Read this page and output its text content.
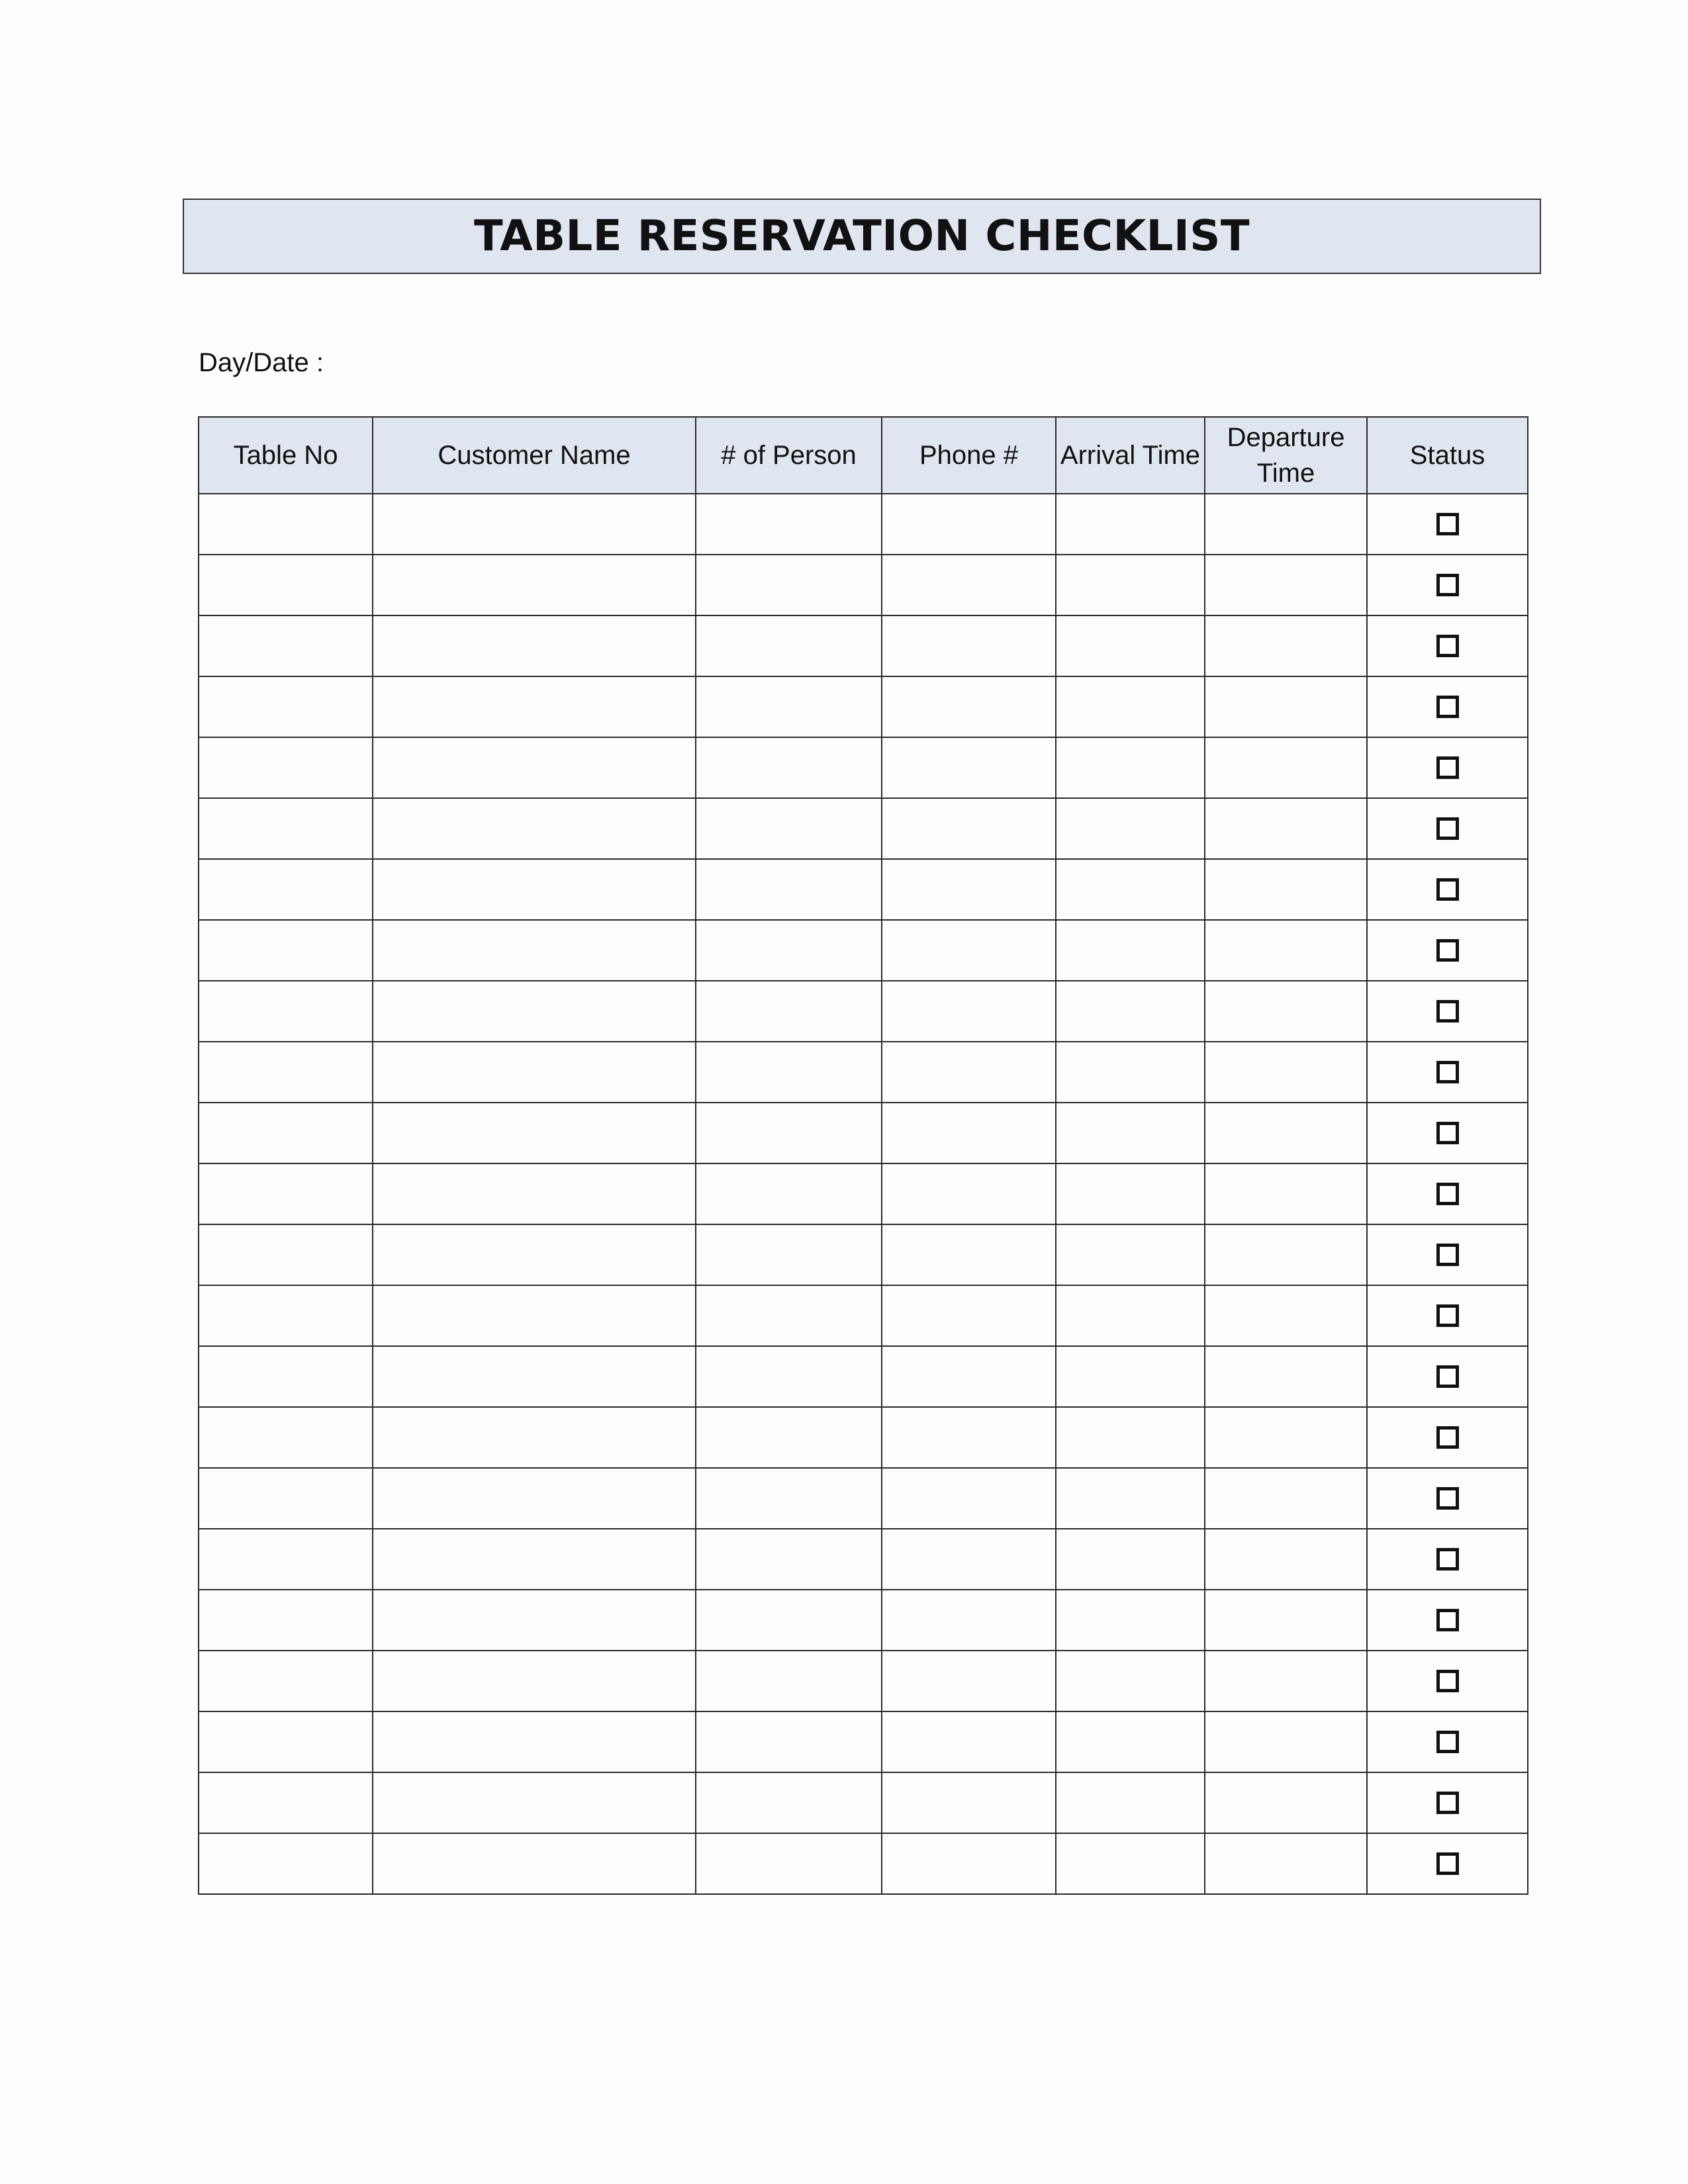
TABLE RESERVATION CHECKLIST
Day/Date :
Table No	Customer Name	# of Person	Phone #	Arrival Time	Departure Time	Status
